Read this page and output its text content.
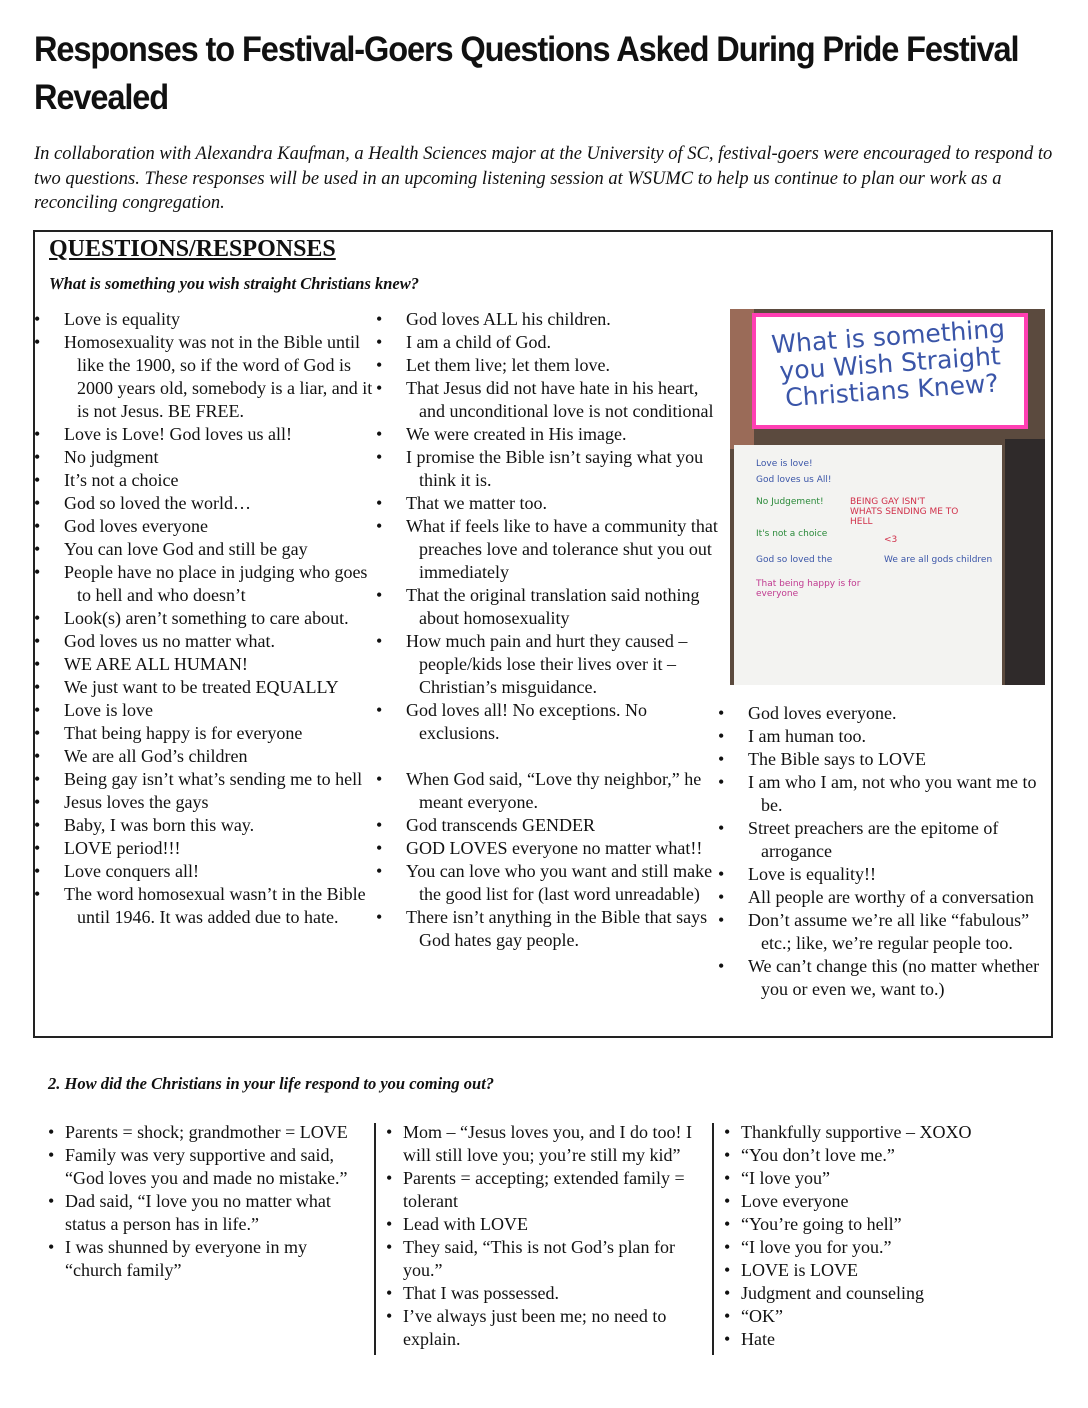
Responses to Festival-Goers Questions Asked During Pride Festival Revealed

In collaboration with Alexandra Kaufman, a Health Sciences major at the University of SC, festival-goers were encouraged to respond to two questions. These responses will be used in an upcoming listening session at WSUMC to help us continue to plan our work as a reconciling congregation.

QUESTIONS/RESPONSES

What is something you wish straight Christians knew?

• Love is equality
• Homosexuality was not in the Bible until like the 1900, so if the word of God is 2000 years old, somebody is a liar, and it is not Jesus. BE FREE.
• Love is Love! God loves us all!
• No judgment
• It’s not a choice
• God so loved the world…
• God loves everyone
• You can love God and still be gay
• People have no place in judging who goes to hell and who doesn’t
• Look(s) aren’t something to care about.
• God loves us no matter what.
• WE ARE ALL HUMAN!
• We just want to be treated EQUALLY
• Love is love
• That being happy is for everyone
• We are all God’s children
• Being gay isn’t what’s sending me to hell
• Jesus loves the gays
• Baby, I was born this way.
• LOVE period!!!
• Love conquers all!
• The word homosexual wasn’t in the Bible until 1946. It was added due to hate.
• God loves ALL his children.
• I am a child of God.
• Let them live; let them love.
• That Jesus did not have hate in his heart, and unconditional love is not conditional
• We were created in His image.
• I promise the Bible isn’t saying what you think it is.
• That we matter too.
• What if feels like to have a community that preaches love and tolerance shut you out immediately
• That the original translation said nothing about homosexuality
• How much pain and hurt they caused – people/kids lose their lives over it – Christian’s misguidance.
• God loves all! No exceptions. No exclusions.
• When God said, “Love thy neighbor,” he meant everyone.
• God transcends GENDER
• GOD LOVES everyone no matter what!!
• You can love who you want and still make the good list for (last word unreadable)
• There isn’t anything in the Bible that says God hates gay people.
What is something you Wish Straight Christians Knew?
Love is love!
God loves us All!
No Judgement!
It's not a choice
God so loved the
BEING GAY ISN'T WHATS SENDING ME TO HELL
<3
We are all gods children
That being happy is for everyone
• God loves everyone.
• I am human too.
• The Bible says to LOVE
• I am who I am, not who you want me to be.
• Street preachers are the epitome of arrogance
• Love is equality!!
• All people are worthy of a conversation
• Don’t assume we’re all like “fabulous” etc.; like, we’re regular people too.
• We can’t change this (no matter whether you or even we, want to.)

2. How did the Christians in your life respond to you coming out?

• Parents = shock; grandmother = LOVE
• Family was very supportive and said, “God loves you and made no mistake.”
• Dad said, “I love you no matter what status a person has in life.”
• I was shunned by everyone in my “church family”
• Mom – “Jesus loves you, and I do too! I will still love you; you’re still my kid”
• Parents = accepting; extended family = tolerant
• Lead with LOVE
• They said, “This is not God’s plan for you.”
• That I was possessed.
• I’ve always just been me; no need to explain.
• Thankfully supportive – XOXO
• “You don’t love me.”
• “I love you”
• Love everyone
• “You’re going to hell”
• “I love you for you.”
• LOVE is LOVE
• Judgment and counseling
• “OK”
• Hate
